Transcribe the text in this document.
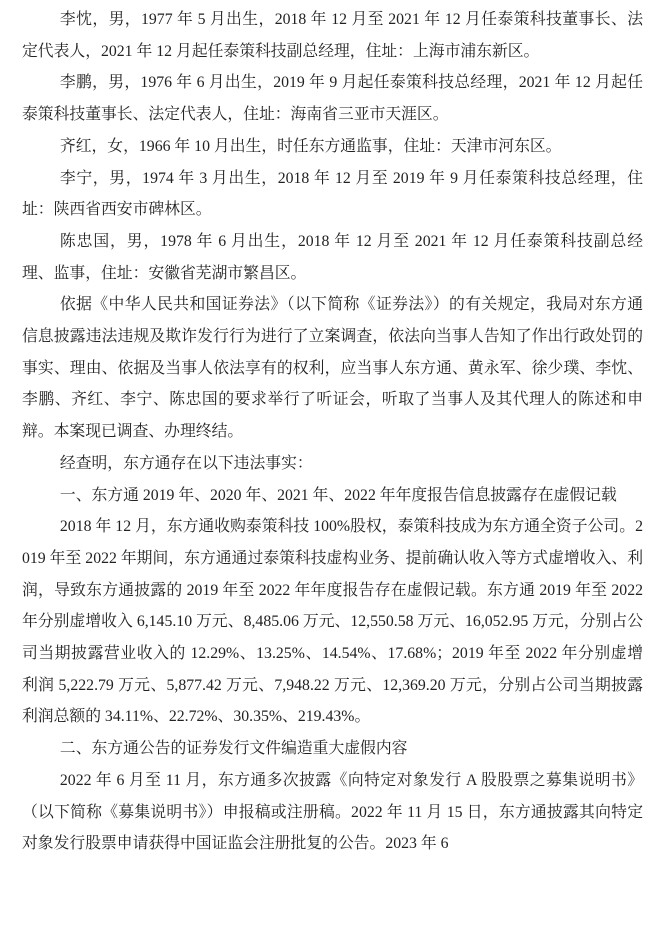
李忱，男，1977 年 5 月出生，2018 年 12 月至 2021 年 12 月任泰策科技董事长、法定代表人，2021 年 12 月起任泰策科技副总经理，住址：上海市浦东新区。

李鹏，男，1976 年 6 月出生，2019 年 9 月起任泰策科技总经理，2021 年 12 月起任泰策科技董事长、法定代表人，住址：海南省三亚市天涯区。

齐红，女，1966 年 10 月出生，时任东方通监事，住址：天津市河东区。

李宁，男，1974 年 3 月出生，2018 年 12 月至 2019 年 9 月任泰策科技总经理，住址：陕西省西安市碑林区。

陈忠国，男，1978 年 6 月出生，2018 年 12 月至 2021 年 12 月任泰策科技副总经理、监事，住址：安徽省芜湖市繁昌区。

依据《中华人民共和国证券法》（以下简称《证券法》）的有关规定，我局对东方通信息披露违法违规及欺诈发行行为进行了立案调查，依法向当事人告知了作出行政处罚的事实、理由、依据及当事人依法享有的权利，应当事人东方通、黄永军、徐少璞、李忱、李鹏、齐红、李宁、陈忠国的要求举行了听证会，听取了当事人及其代理人的陈述和申辩。本案现已调查、办理终结。

经查明，东方通存在以下违法事实：

一、东方通 2019 年、2020 年、2021 年、2022 年年度报告信息披露存在虚假记载

2018 年 12 月，东方通收购泰策科技 100%股权，泰策科技成为东方通全资子公司。2019 年至 2022 年期间，东方通通过泰策科技虚构业务、提前确认收入等方式虚增收入、利润，导致东方通披露的 2019 年至 2022 年年度报告存在虚假记载。东方通 2019 年至 2022 年分别虚增收入 6,145.10 万元、8,485.06 万元、12,550.58 万元、16,052.95 万元，分别占公司当期披露营业收入的 12.29%、13.25%、14.54%、17.68%；2019 年至 2022 年分别虚增利润 5,222.79 万元、5,877.42 万元、7,948.22 万元、12,369.20 万元，分别占公司当期披露利润总额的 34.11%、22.72%、30.35%、219.43%。

二、东方通公告的证券发行文件编造重大虚假内容

2022 年 6 月至 11 月，东方通多次披露《向特定对象发行 A 股股票之募集说明书》（以下简称《募集说明书》）申报稿或注册稿。2022 年 11 月 15 日，东方通披露其向特定对象发行股票申请获得中国证监会注册批复的公告。2023 年 6
